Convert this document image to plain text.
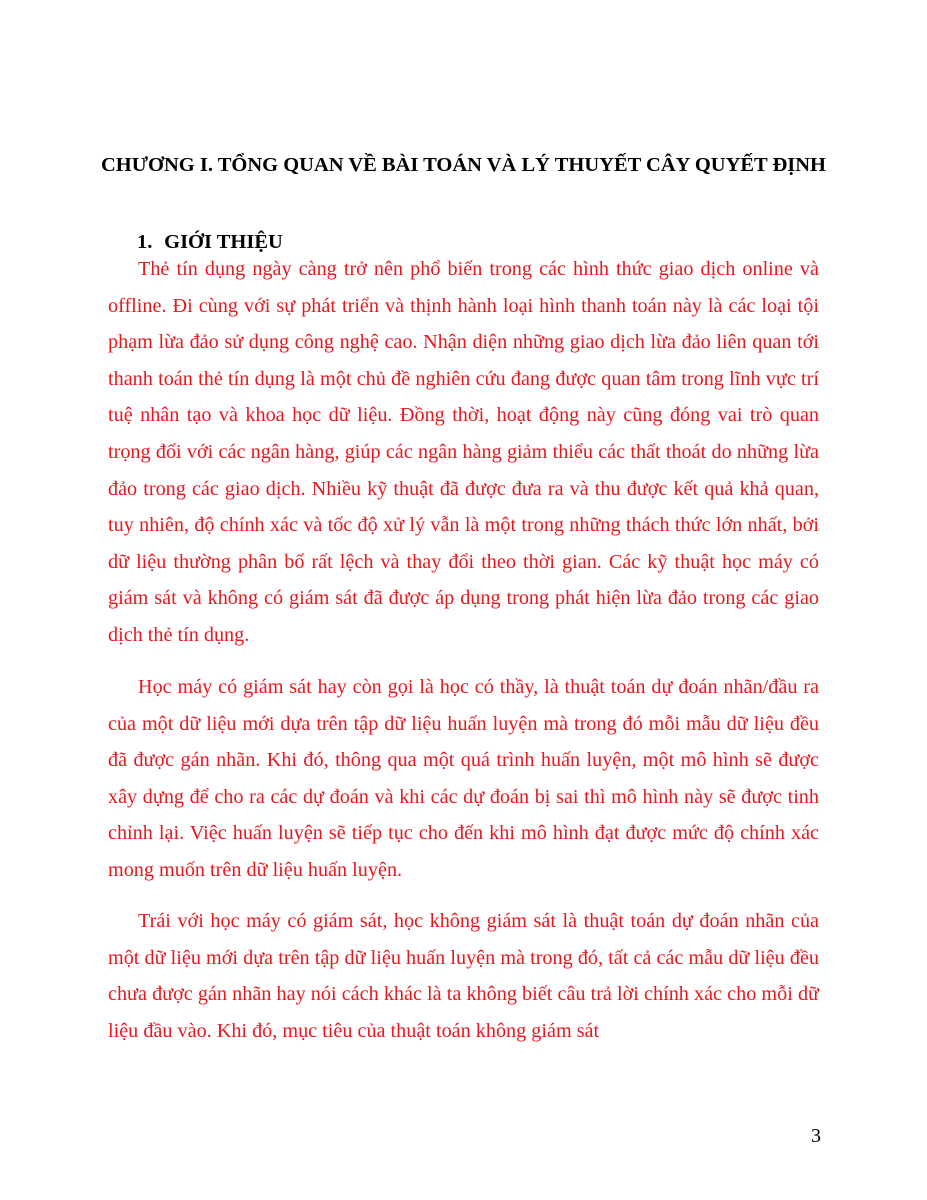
CHƯƠNG I. TỔNG QUAN VỀ BÀI TOÁN VÀ LÝ THUYẾT CÂY QUYẾT ĐỊNH
1. GIỚI THIỆU

Thẻ tín dụng ngày càng trở nên phổ biến trong các hình thức giao dịch online và offline. Đi cùng với sự phát triển và thịnh hành loại hình thanh toán này là các loại tội phạm lừa đảo sử dụng công nghệ cao. Nhận diện những giao dịch lừa đảo liên quan tới thanh toán thẻ tín dụng là một chủ đề nghiên cứu đang được quan tâm trong lĩnh vực trí tuệ nhân tạo và khoa học dữ liệu. Đồng thời, hoạt động này cũng đóng vai trò quan trọng đối với các ngân hàng, giúp các ngân hàng giảm thiểu các thất thoát do những lừa đảo trong các giao dịch. Nhiều kỹ thuật đã được đưa ra và thu được kết quả khả quan, tuy nhiên, độ chính xác và tốc độ xử lý vẫn là một trong những thách thức lớn nhất, bởi dữ liệu thường phân bố rất lệch và thay đổi theo thời gian. Các kỹ thuật học máy có giám sát và không có giám sát đã được áp dụng trong phát hiện lừa đảo trong các giao dịch thẻ tín dụng.

Học máy có giám sát hay còn gọi là học có thầy, là thuật toán dự đoán nhãn/đầu ra của một dữ liệu mới dựa trên tập dữ liệu huấn luyện mà trong đó mỗi mẫu dữ liệu đều đã được gán nhãn. Khi đó, thông qua một quá trình huấn luyện, một mô hình sẽ được xây dựng để cho ra các dự đoán và khi các dự đoán bị sai thì mô hình này sẽ được tinh chỉnh lại. Việc huấn luyện sẽ tiếp tục cho đến khi mô hình đạt được mức độ chính xác mong muốn trên dữ liệu huấn luyện.

Trái với học máy có giám sát, học không giám sát là thuật toán dự đoán nhãn của một dữ liệu mới dựa trên tập dữ liệu huấn luyện mà trong đó, tất cả các mẫu dữ liệu đều chưa được gán nhãn hay nói cách khác là ta không biết câu trả lời chính xác cho mỗi dữ liệu đầu vào. Khi đó, mục tiêu của thuật toán không giám sát

3
